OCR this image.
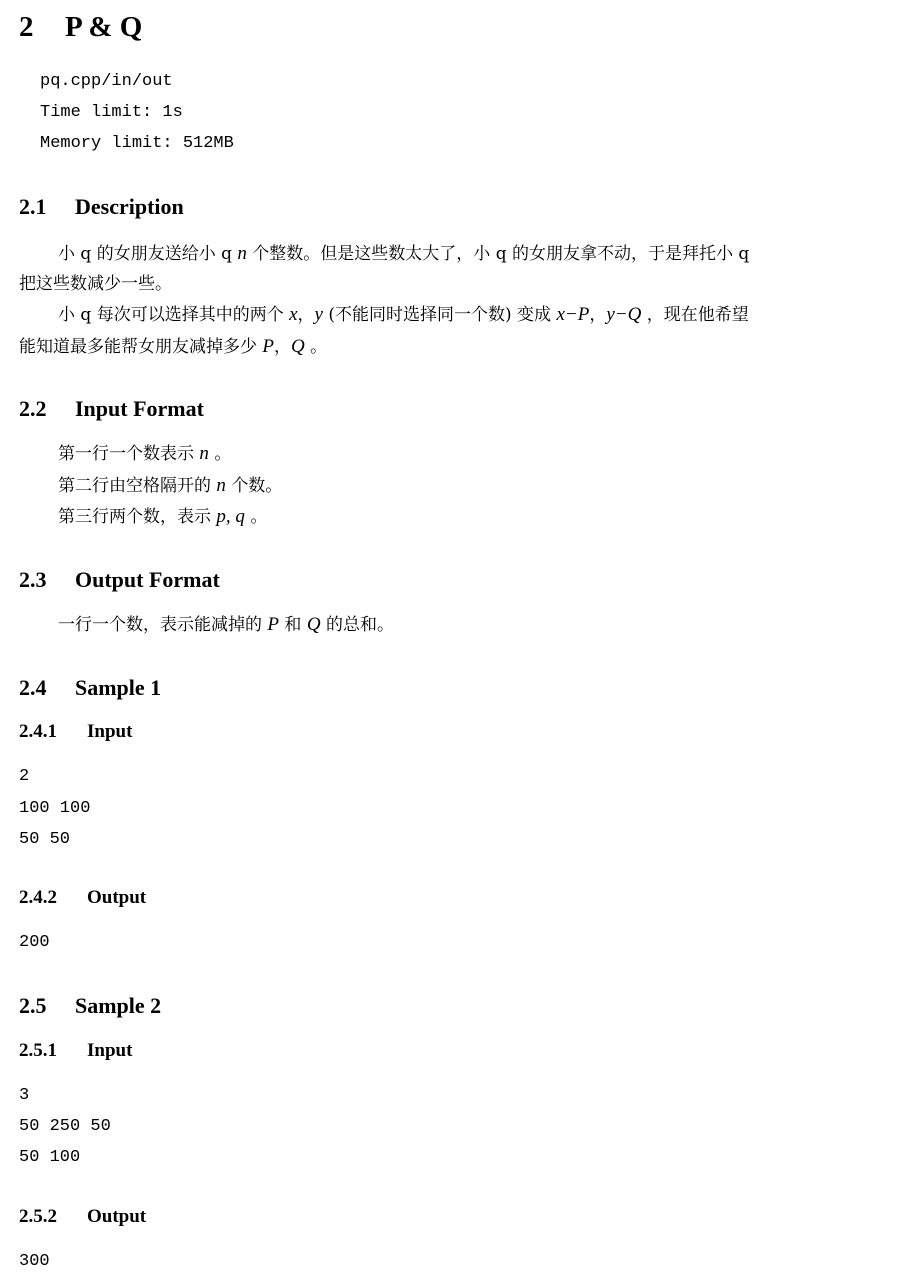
2 P & Q
pq.cpp/in/out
Time limit: 1s
Memory limit: 512MB
2.1 Description
小 q 的女朋友送给小 q n 个整数。但是这些数太大了，小 q 的女朋友拿不动，于是拜托小 q
把这些数减少一些。
小 q 每次可以选择其中的两个 x，y (不能同时选择同一个数) 变成 x−P，y−Q ，现在他希望
能知道最多能帮女朋友减掉多少 P，Q 。
2.2 Input Format
第一行一个数表示 n 。
第二行由空格隔开的 n 个数。
第三行两个数，表示 p, q 。
2.3 Output Format
一行一个数，表示能减掉的 P 和 Q 的总和。
2.4 Sample 1
2.4.1 Input
2
100 100
50 50
2.4.2 Output
200
2.5 Sample 2
2.5.1 Input
3
50 250 50
50 100
2.5.2 Output
300
